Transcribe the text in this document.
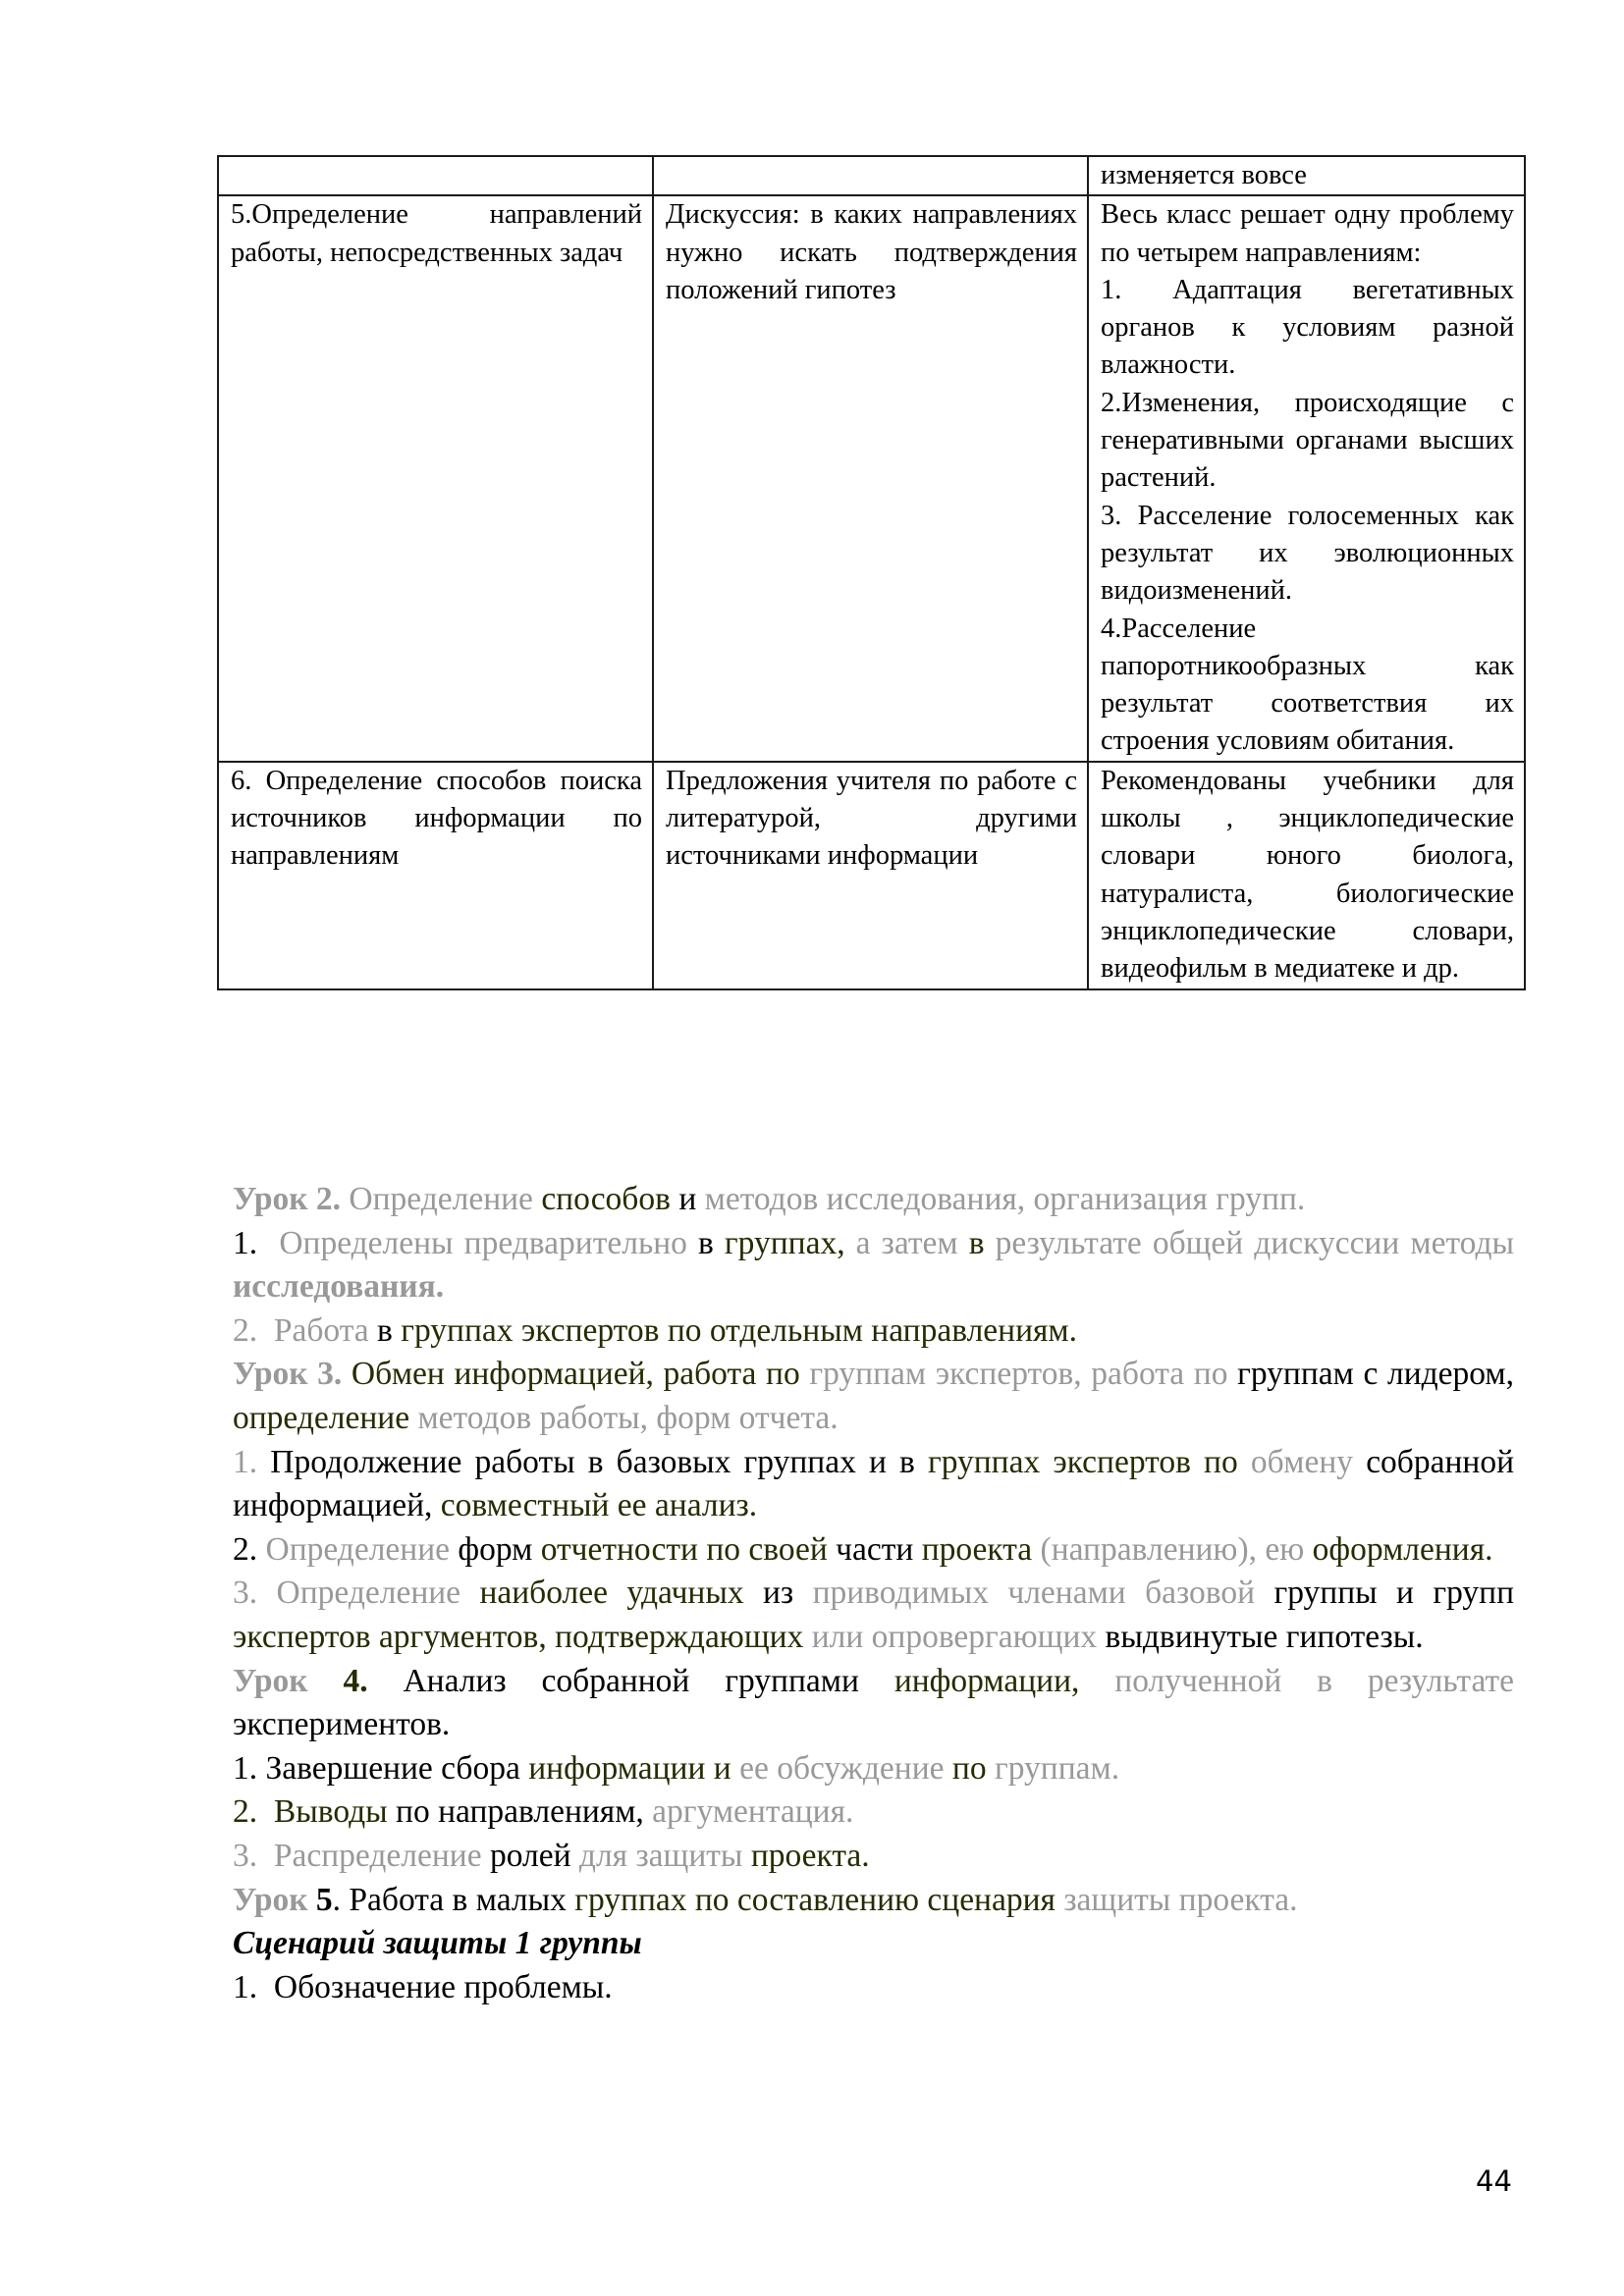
		изменяется вовсе

5.Определение направлений работы, непосредственных задач	Дискуссия: в каких направлениях нужно искать подтверждения положений гипотез	Весь класс решает одну проблему по четырем направлениям:
1. Адаптация вегетативных органов к условиям разной влажности.
2.Изменения, происходящие с генеративными органами высших растений.
3. Расселение голосеменных как результат их эволюционных видоизменений.
4.Расселение папоротникообразных как результат соответствия их строения условиям обитания.

6. Определение способов поиска источников информации по направлениям	Предложения учителя по работе с литературой, другими источниками информации	Рекомендованы учебники для школы , энциклопедические словари юного биолога, натуралиста, биологические энциклопедические словари, видеофильм в медиатеке и др.

Урок 2. Определение способов и методов исследования, организация групп.

1.  Определены предварительно в группах, а затем в результате общей дискуссии методы исследования.

2.  Работа в группах экспертов по отдельным направлениям.

Урок 3. Обмен информацией, работа по группам экспертов, работа по группам с лидером, определение методов работы, форм отчета.

1. Продолжение работы в базовых группах и в группах экспертов по обмену собранной информацией, совместный ее анализ.

2. Определение форм отчетности по своей части проекта (направлению), ею оформления.

3. Определение наиболее удачных из приводимых членами базовой группы и групп экспертов аргументов, подтверждающих или опровергающих выдвинутые гипотезы.

Урок 4. Анализ собранной группами информации, полученной в результате экспериментов.

1. Завершение сбора информации и ее обсуждение по группам.

2.  Выводы по направлениям, аргументация.

3.  Распределение ролей для защиты проекта.

Урок 5. Работа в малых группах по составлению сценария защиты проекта.

Сценарий защиты 1 группы

1.  Обозначение проблемы.

44
